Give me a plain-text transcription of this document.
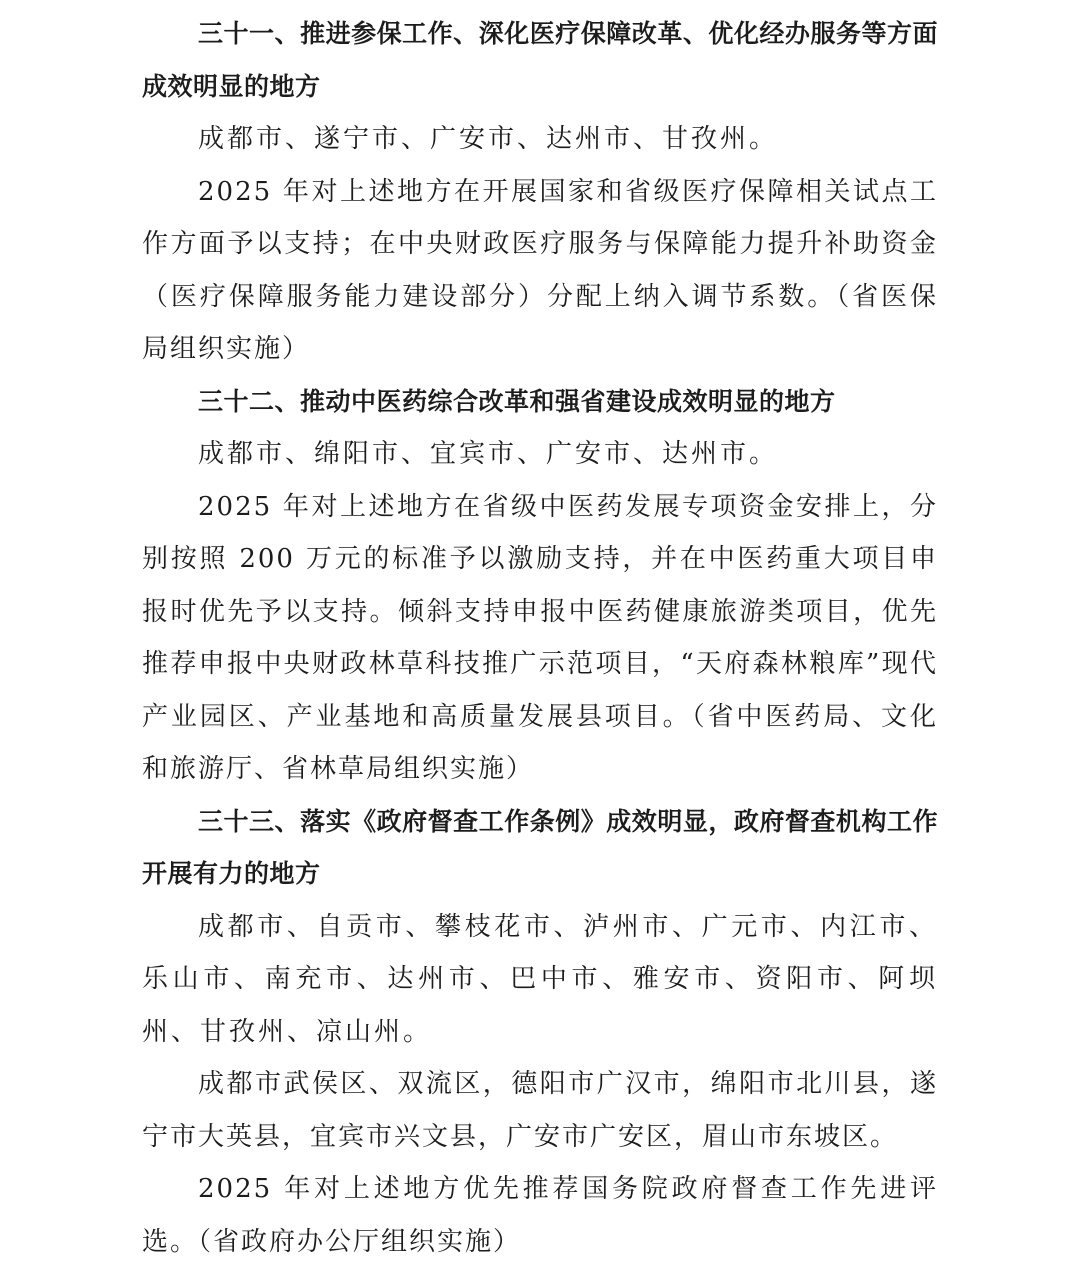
三十一、推进参保工作、深化医疗保障改革、优化经办服务等方面成效明显的地方

成都市、遂宁市、广安市、达州市、甘孜州。

2025 年对上述地方在开展国家和省级医疗保障相关试点工作方面予以支持；在中央财政医疗服务与保障能力提升补助资金（医疗保障服务能力建设部分）分配上纳入调节系数。（省医保局组织实施）

三十二、推动中医药综合改革和强省建设成效明显的地方

成都市、绵阳市、宜宾市、广安市、达州市。

2025 年对上述地方在省级中医药发展专项资金安排上，分别按照 200 万元的标准予以激励支持，并在中医药重大项目申报时优先予以支持。倾斜支持申报中医药健康旅游类项目，优先推荐申报中央财政林草科技推广示范项目，“天府森林粮库”现代产业园区、产业基地和高质量发展县项目。（省中医药局、文化和旅游厅、省林草局组织实施）

三十三、落实《政府督查工作条例》成效明显，政府督查机构工作开展有力的地方

成都市、自贡市、攀枝花市、泸州市、广元市、内江市、乐山市、南充市、达州市、巴中市、雅安市、资阳市、阿坝州、甘孜州、凉山州。

成都市武侯区、双流区，德阳市广汉市，绵阳市北川县，遂宁市大英县，宜宾市兴文县，广安市广安区，眉山市东坡区。

2025 年对上述地方优先推荐国务院政府督查工作先进评选。（省政府办公厅组织实施）
